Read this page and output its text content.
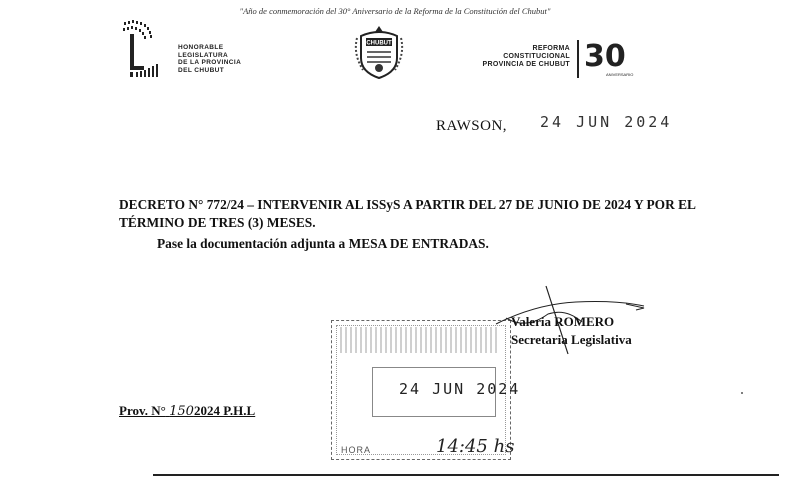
"Año de conmemoración del 30° Aniversario de la Reforma de la Constitución del Chubut"
HONORABLE
LEGISLATURA
DE LA PROVINCIA
DEL CHUBUT
CHUBUT
REFORMA
CONSTITUCIONAL
PROVINCIA DE CHUBUT 30
ANIVERSARIO
RAWSON, 24 JUN 2024
DECRETO N° 772/24 – INTERVENIR AL ISSyS A PARTIR DEL 27 DE JUNIO DE 2024 Y POR EL TÉRMINO DE TRES (3) MESES.
Pase la documentación adjunta a MESA DE ENTRADAS.
24 JUN 2024
HORA	14:45 hs
Valeria ROMERO
Secretaria Legislativa
Prov. N° 1502024 P.H.L
